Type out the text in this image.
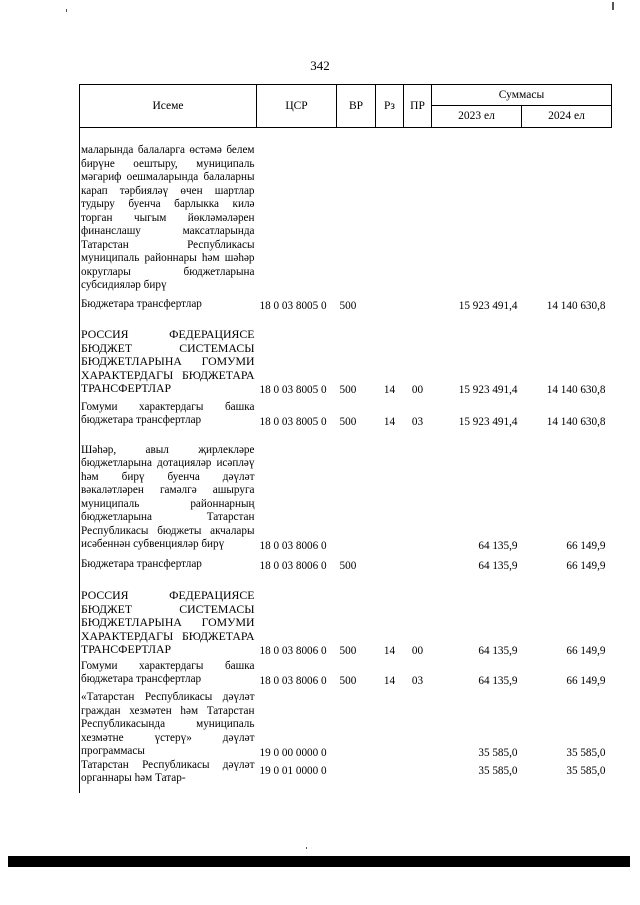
342
Исеме	ЦСР	ВР	Рз	ПР	Суммасы	
					2023 ел	2024 ел
маларында балаларга өстәмә белем бирүне оештыру, муниципаль мәгариф оешмаларында балаларны карап тәрбияләү өчен шартлар тудыру буенча барлыкка килә торган чыгым йөкләмәләрен финанслашу максатларында Татарстан Республикасы муниципаль районнары һәм шәһәр округлары бюджетларына субсидияләр бирү						
Бюджетара трансфертлар	18 0 03 8005 0	500			15 923 491,4	14 140 630,8
РОССИЯ ФЕДЕРАЦИЯСЕ БЮДЖЕТ СИСТЕМАСЫ БЮДЖЕТЛАРЫНА ГОМУМИ ХАРАКТЕРДАГЫ БЮДЖЕТАРА ТРАНСФЕРТЛАР	18 0 03 8005 0	500	14	00	15 923 491,4	14 140 630,8
Гомуми характердагы башка бюджетара трансфертлар	18 0 03 8005 0	500	14	03	15 923 491,4	14 140 630,8
Шәһәр, авыл җирлекләре бюджетларына дотацияләр исәпләү һәм бирү буенча дәүләт вәкаләтләрен гамәлгә ашыруга муниципаль районнарның бюджетларына Татарстан Республикасы бюджеты акчалары исәбеннән субвенцияләр бирү	18 0 03 8006 0				64 135,9	66 149,9
Бюджетара трансфертлар	18 0 03 8006 0	500			64 135,9	66 149,9
РОССИЯ ФЕДЕРАЦИЯСЕ БЮДЖЕТ СИСТЕМАСЫ БЮДЖЕТЛАРЫНА ГОМУМИ ХАРАКТЕРДАГЫ БЮДЖЕТАРА ТРАНСФЕРТЛАР	18 0 03 8006 0	500	14	00	64 135,9	66 149,9
Гомуми характердагы башка бюджетара трансфертлар	18 0 03 8006 0	500	14	03	64 135,9	66 149,9
«Татарстан Республикасы дәүләт граждан хезмәтен һәм Татарстан Республикасында муниципаль хезмәтне үстерү» дәүләт программасы	19 0 00 0000 0				35 585,0	35 585,0
Татарстан Республикасы дәүләт органнары һәм Татар-	19 0 01 0000 0				35 585,0	35 585,0
